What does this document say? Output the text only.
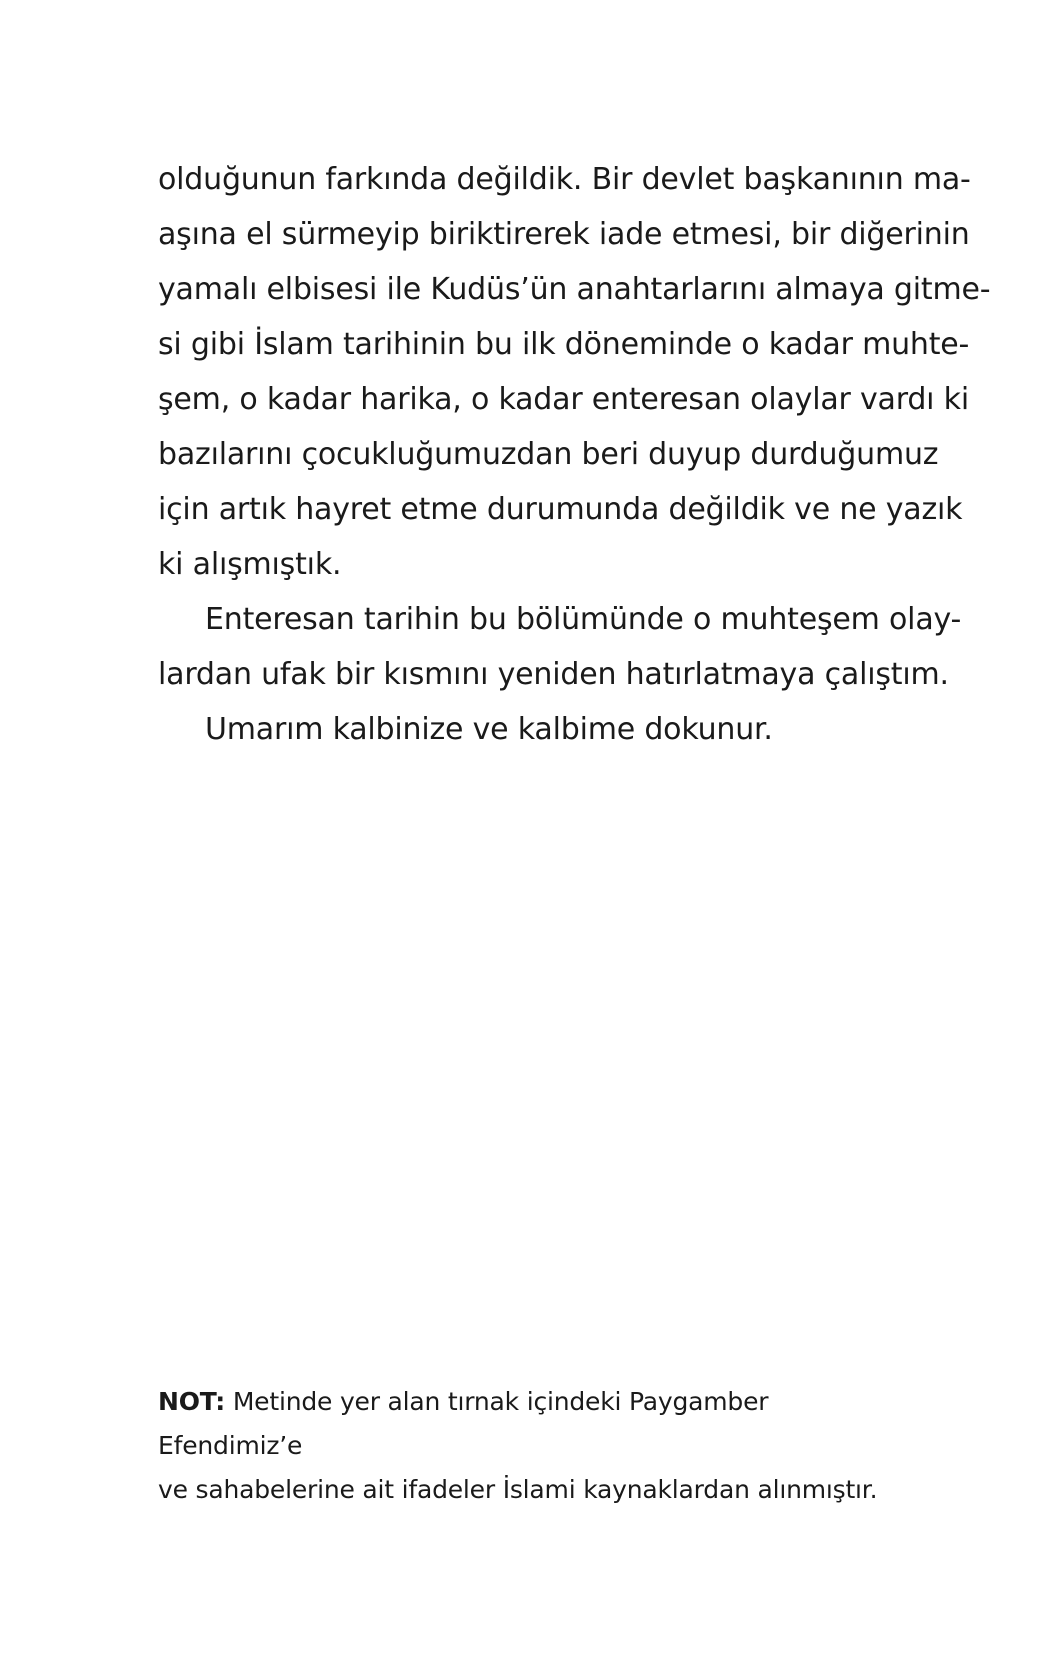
olduğunun farkında değildik. Bir devlet başkanının ma-
aşına el sürmeyip biriktirerek iade etmesi, bir diğerinin
yamalı elbisesi ile Kudüs’ün anahtarlarını almaya gitme-
si gibi İslam tarihinin bu ilk döneminde o kadar muhte-
şem, o kadar harika, o kadar enteresan olaylar vardı ki
bazılarını çocukluğumuzdan beri duyup durduğumuz
için artık hayret etme durumunda değildik ve ne yazık
ki alışmıştık.
Enteresan tarihin bu bölümünde o muhteşem olay-
lardan ufak bir kısmını yeniden hatırlatmaya çalıştım.
Umarım kalbinize ve kalbime dokunur.
NOT: Metinde yer alan tırnak içindeki Paygamber Efendimiz’e
ve sahabelerine ait ifadeler İslami kaynaklardan alınmıştır.
